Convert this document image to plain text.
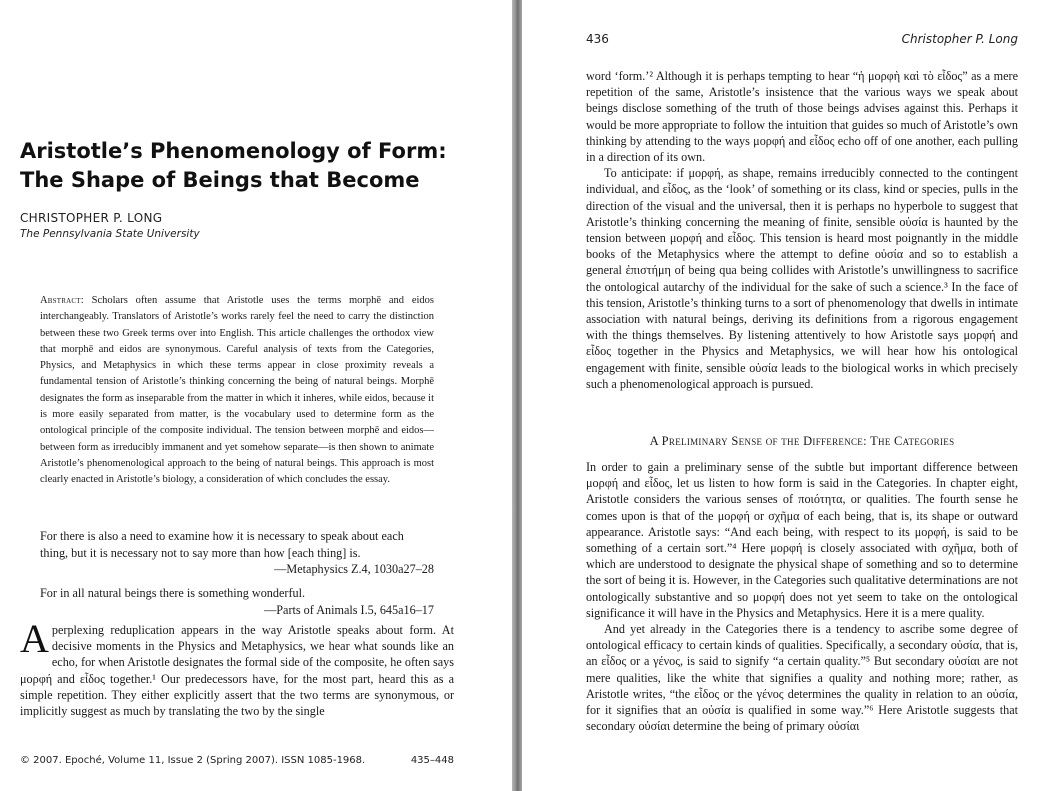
Aristotle’s Phenomenology of Form:
The Shape of Beings that Become
CHRISTOPHER P. LONG
The Pennsylvania State University
Abstract: Scholars often assume that Aristotle uses the terms morphē and eidos interchangeably. Translators of Aristotle’s works rarely feel the need to carry the distinction between these two Greek terms over into English. This article challenges the orthodox view that morphē and eidos are synonymous. Careful analysis of texts from the Categories, Physics, and Metaphysics in which these terms appear in close proximity reveals a fundamental tension of Aristotle’s thinking concerning the being of natural beings. Morphē designates the form as inseparable from the matter in which it inheres, while eidos, because it is more easily separated from matter, is the vocabulary used to determine form as the ontological principle of the composite individual. The tension between morphē and eidos—between form as irreducibly immanent and yet somehow separate—is then shown to animate Aristotle’s phenomenological approach to the being of natural beings. This approach is most clearly enacted in Aristotle’s biology, a consideration of which concludes the essay.
For there is also a need to examine how it is necessary to speak about each thing, but it is necessary not to say more than how [each thing] is.
—Metaphysics Z.4, 1030a27–28
For in all natural beings there is something wonderful.
—Parts of Animals I.5, 645a16–17
Aperplexing reduplication appears in the way Aristotle speaks about form. At decisive moments in the Physics and Metaphysics, we hear what sounds like an echo, for when Aristotle designates the formal side of the composite, he often says μορφή and εἶδος together.¹ Our predecessors have, for the most part, heard this as a simple repetition. They either explicitly assert that the two terms are synonymous, or implicitly suggest as much by translating the two by the single
© 2007. Epoché, Volume 11, Issue 2 (Spring 2007). ISSN 1085-1968.	435–448
436	Christopher P. Long

word ‘form.’² Although it is perhaps tempting to hear “ἡ μορφὴ καὶ τὸ εἶδος” as a mere repetition of the same, Aristotle’s insistence that the various ways we speak about beings disclose something of the truth of those beings advises against this. Perhaps it would be more appropriate to follow the intuition that guides so much of Aristotle’s own thinking by attending to the ways μορφή and εἶδος echo off of one another, each pulling in a direction of its own.

To anticipate: if μορφή, as shape, remains irreducibly connected to the contingent individual, and εἶδος, as the ‘look’ of something or its class, kind or species, pulls in the direction of the visual and the universal, then it is perhaps no hyperbole to suggest that Aristotle’s thinking concerning the meaning of finite, sensible οὐσία is haunted by the tension between μορφή and εἶδος. This tension is heard most poignantly in the middle books of the Metaphysics where the attempt to define οὐσία and so to establish a general ἐπιστήμη of being qua being collides with Aristotle’s unwillingness to sacrifice the ontological autarchy of the individual for the sake of such a science.³ In the face of this tension, Aristotle’s thinking turns to a sort of phenomenology that dwells in intimate association with natural beings, deriving its definitions from a rigorous engagement with the things themselves. By listening attentively to how Aristotle says μορφή and εἶδος together in the Physics and Metaphysics, we will hear how his ontological engagement with finite, sensible οὐσία leads to the biological works in which precisely such a phenomenological approach is pursued.

A Preliminary Sense of the Difference: The Categories

In order to gain a preliminary sense of the subtle but important difference between μορφή and εἶδος, let us listen to how form is said in the Categories. In chapter eight, Aristotle considers the various senses of ποιότητα, or qualities. The fourth sense he comes upon is that of the μορφή or σχῆμα of each being, that is, its shape or outward appearance. Aristotle says: “And each being, with respect to its μορφή, is said to be something of a certain sort.”⁴ Here μορφή is closely associated with σχῆμα, both of which are understood to designate the physical shape of something and so to determine the sort of being it is. However, in the Categories such qualitative determinations are not ontologically substantive and so μορφή does not yet seem to take on the ontological significance it will have in the Physics and Metaphysics. Here it is a mere quality.

And yet already in the Categories there is a tendency to ascribe some degree of ontological efficacy to certain kinds of qualities. Specifically, a secondary οὐσία, that is, an εἶδος or a γένος, is said to signify “a certain quality.”⁵ But secondary οὐσίαι are not mere qualities, like the white that signifies a quality and nothing more; rather, as Aristotle writes, “the εἶδος or the γένος determines the quality in relation to an οὐσία, for it signifies that an οὐσία is qualified in some way.”⁶ Here Aristotle suggests that secondary οὐσίαι determine the being of primary οὐσίαι
